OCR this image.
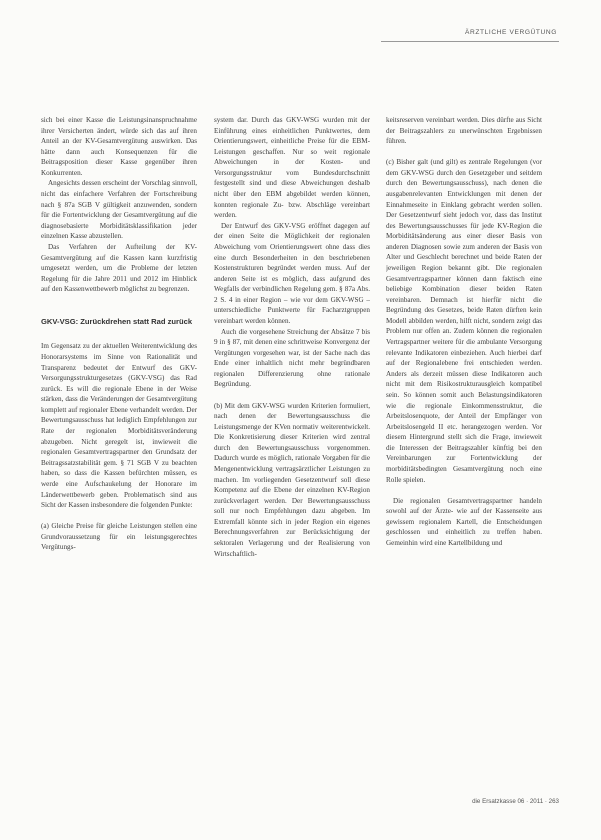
ÄRZTLICHE VERGÜTUNG

sich bei einer Kasse die Leistungsinanspruchnahme ihrer Versicherten ändert, würde sich das auf ihren Anteil an der KV-Gesamtvergütung auswirken. Das hätte dann auch Konsequenzen für die Beitragsposition dieser Kasse gegenüber ihren Konkurrenten.

Angesichts dessen erscheint der Vorschlag sinnvoll, nicht das einfachere Verfahren der Fortschreibung nach § 87a SGB V gültigkeit anzuwenden, sondern für die Fortentwicklung der Gesamtvergütung auf die diagnosebasierte Morbiditätsklassifikation jeder einzelnen Kasse abzustellen.

Das Verfahren der Aufteilung der KV-Gesamtvergütung auf die Kassen kann kurzfristig umgesetzt werden, um die Probleme der letzten Regelung für die Jahre 2011 und 2012 im Hinblick auf den Kassenwettbewerb möglichst zu begrenzen.

GKV-VSG: Zurückdrehen statt Rad zurück

Im Gegensatz zu der aktuellen Weiterentwicklung des Honorarsystems im Sinne von Rationalität und Transparenz bedeutet der Entwurf des GKV-Versorgungsstrukturgesetzes (GKV-VSG) das Rad zurück. Es will die regionale Ebene in der Weise stärken, dass die Veränderungen der Gesamtvergütung komplett auf regionaler Ebene verhandelt werden. Der Bewertungsausschuss hat lediglich Empfehlungen zur Rate der regionalen Morbiditätsveränderung abzugeben. Nicht geregelt ist, inwieweit die regionalen Gesamtvertragspartner den Grundsatz der Beitragssatzstabilität gem. § 71 SGB V zu beachten haben, so dass die Kassen befürchten müssen, es werde eine Aufschaukelung der Honorare im Länderwettbewerb geben. Problematisch sind aus Sicht der Kassen insbesondere die folgenden Punkte:

(a) Gleiche Preise für gleiche Leistungen stellen eine Grundvoraussetzung für ein leistungsgerechtes Vergütungs-

system dar. Durch das GKV-WSG wurden mit der Einführung eines einheitlichen Punktwertes, dem Orientierungswert, einheitliche Preise für die EBM-Leistungen geschaffen. Nur so weit regionale Abweichungen in der Kosten- und Versorgungsstruktur vom Bundesdurchschnitt festgestellt sind und diese Abweichungen deshalb nicht über den EBM abgebildet werden können, konnten regionale Zu- bzw. Abschläge vereinbart werden.

Der Entwurf des GKV-VSG eröffnet dagegen auf der einen Seite die Möglichkeit der regionalen Abweichung vom Orientierungswert ohne dass dies eine durch Besonderheiten in den beschriebenen Kostenstrukturen begründet werden muss. Auf der anderen Seite ist es möglich, dass aufgrund des Wegfalls der verbindlichen Regelung gem. § 87a Abs. 2 S. 4 in einer Region – wie vor dem GKV-WSG – unterschiedliche Punktwerte für Facharztgruppen vereinbart werden können.

Auch die vorgesehene Streichung der Absätze 7 bis 9 in § 87, mit denen eine schrittweise Konvergenz der Vergütungen vorgesehen war, ist der Sache nach das Ende einer inhaltlich nicht mehr begründbaren regionalen Differenzierung ohne rationale Begründung.

(b) Mit dem GKV-WSG wurden Kriterien formuliert, nach denen der Bewertungsausschuss die Leistungsmenge der KVen normativ weiterentwickelt. Die Konkretisierung dieser Kriterien wird zentral durch den Bewertungsausschuss vorgenommen. Dadurch wurde es möglich, rationale Vorgaben für die Mengenentwicklung vertragsärztlicher Leistungen zu machen. Im vorliegenden Gesetzentwurf soll diese Kompetenz auf die Ebene der einzelnen KV-Region zurückverlagert werden. Der Bewertungsausschuss soll nur noch Empfehlungen dazu abgeben. Im Extremfall könnte sich in jeder Region ein eigenes Berechnungsverfahren zur Berücksichtigung der sektoralen Verlagerung und der Realisierung von Wirtschaftlich-

keitsreserven vereinbart werden. Dies dürfte aus Sicht der Beitragszahlers zu unerwünschten Ergebnissen führen.

(c) Bisher galt (und gilt) es zentrale Regelungen (vor dem GKV-WSG durch den Gesetzgeber und seitdem durch den Bewertungsausschuss), nach denen die ausgabenrelevanten Entwicklungen mit denen der Einnahmeseite in Einklang gebracht werden sollen. Der Gesetzentwurf sieht jedoch vor, dass das Institut des Bewertungsausschusses für jede KV-Region die Morbiditätsänderung aus einer dieser Basis von anderen Diagnosen sowie zum anderen der Basis von Alter und Geschlecht berechnet und beide Raten der jeweiligen Region bekannt gibt. Die regionalen Gesamtvertragspartner können dann faktisch eine beliebige Kombination dieser beiden Raten vereinbaren. Demnach ist hierfür nicht die Begründung des Gesetzes, beide Raten dürften kein Modell abbilden werden, hilft nicht, sondern zeigt das Problem nur offen an. Zudem können die regionalen Vertragspartner weitere für die ambulante Versorgung relevante Indikatoren einbeziehen. Auch hierbei darf auf der Regionalebene frei entschieden werden. Anders als derzeit müssen diese Indikatoren auch nicht mit dem Risikostrukturausgleich kompatibel sein. So können somit auch Belastungsindikatoren wie die regionale Einkommensstruktur, die Arbeitslosenquote, der Anteil der Empfänger von Arbeitslosengeld II etc. herangezogen werden. Vor diesem Hintergrund stellt sich die Frage, inwieweit die Interessen der Beitragszahler künftig bei den Vereinbarungen zur Fortentwicklung der morbiditätsbedingten Gesamtvergütung noch eine Rolle spielen.

Die regionalen Gesamtvertragspartner handeln sowohl auf der Ärzte- wie auf der Kassenseite aus gewissem regionalem Kartell, die Entscheidungen geschlossen und einheitlich zu treffen haben. Gemeinhin wird eine Kartellbildung und

die Ersatzkasse 06 · 2011 · 263
